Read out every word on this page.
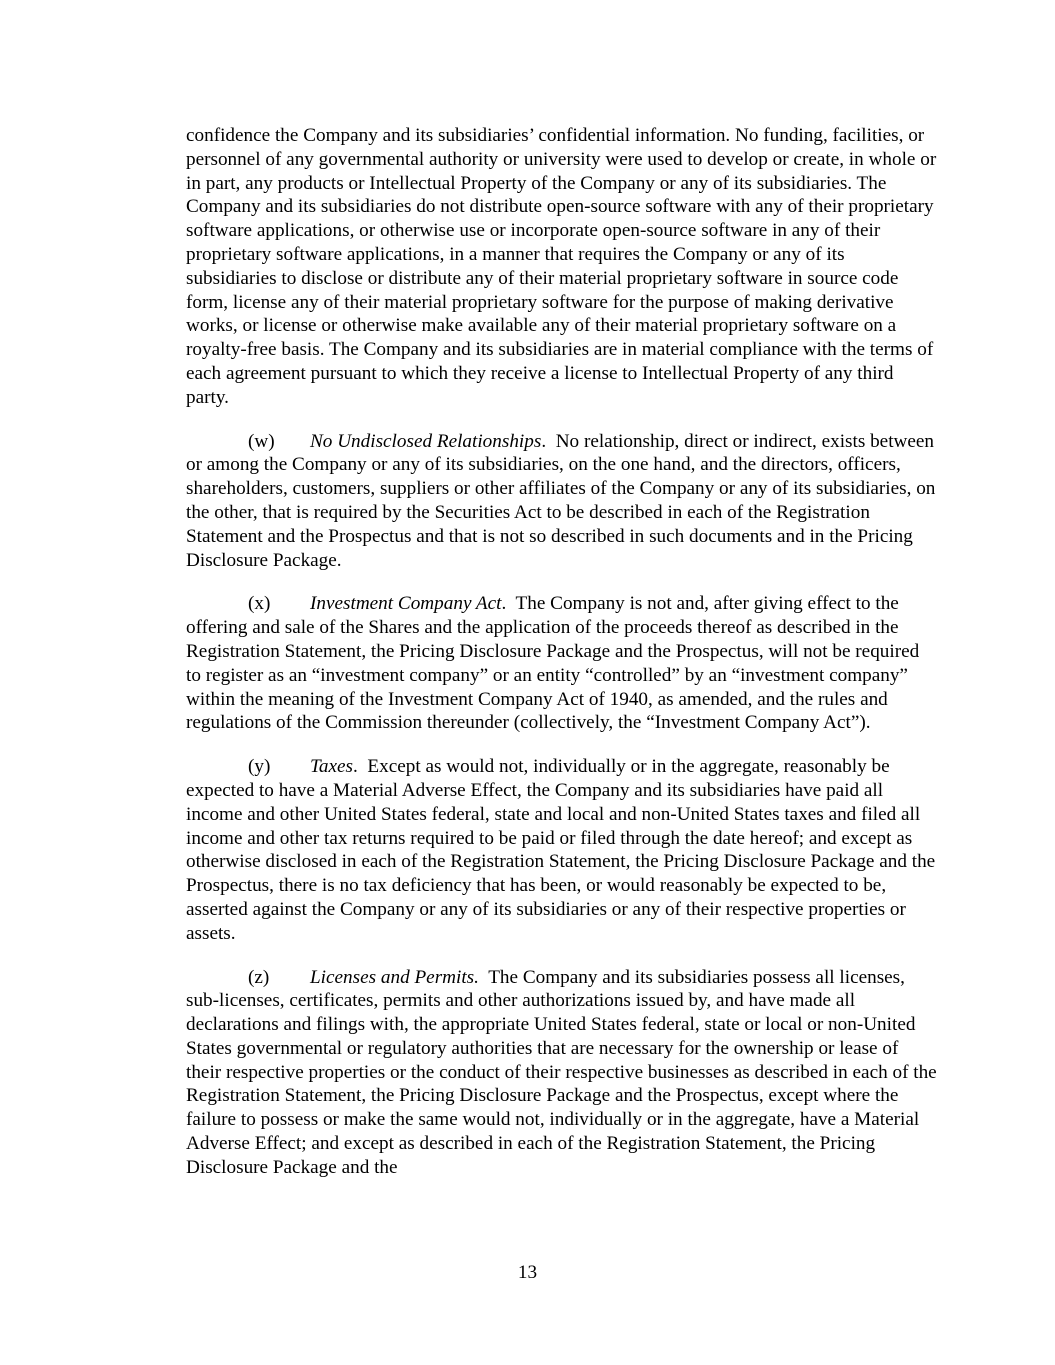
confidence the Company and its subsidiaries’ confidential information. No funding, facilities, or personnel of any governmental authority or university were used to develop or create, in whole or in part, any products or Intellectual Property of the Company or any of its subsidiaries. The Company and its subsidiaries do not distribute open-source software with any of their proprietary software applications, or otherwise use or incorporate open-source software in any of their proprietary software applications, in a manner that requires the Company or any of its subsidiaries to disclose or distribute any of their material proprietary software in source code form, license any of their material proprietary software for the purpose of making derivative works, or license or otherwise make available any of their material proprietary software on a royalty-free basis. The Company and its subsidiaries are in material compliance with the terms of each agreement pursuant to which they receive a license to Intellectual Property of any third party.

(w) No Undisclosed Relationships.  No relationship, direct or indirect, exists between or among the Company or any of its subsidiaries, on the one hand, and the directors, officers, shareholders, customers, suppliers or other affiliates of the Company or any of its subsidiaries, on the other, that is required by the Securities Act to be described in each of the Registration Statement and the Prospectus and that is not so described in such documents and in the Pricing Disclosure Package.

(x) Investment Company Act.  The Company is not and, after giving effect to the offering and sale of the Shares and the application of the proceeds thereof as described in the Registration Statement, the Pricing Disclosure Package and the Prospectus, will not be required to register as an “investment company” or an entity “controlled” by an “investment company” within the meaning of the Investment Company Act of 1940, as amended, and the rules and regulations of the Commission thereunder (collectively, the “Investment Company Act”).

(y) Taxes.  Except as would not, individually or in the aggregate, reasonably be expected to have a Material Adverse Effect, the Company and its subsidiaries have paid all income and other United States federal, state and local and non-United States taxes and filed all income and other tax returns required to be paid or filed through the date hereof; and except as otherwise disclosed in each of the Registration Statement, the Pricing Disclosure Package and the Prospectus, there is no tax deficiency that has been, or would reasonably be expected to be, asserted against the Company or any of its subsidiaries or any of their respective properties or assets.

(z) Licenses and Permits.  The Company and its subsidiaries possess all licenses, sub-licenses, certificates, permits and other authorizations issued by, and have made all declarations and filings with, the appropriate United States federal, state or local or non-United States governmental or regulatory authorities that are necessary for the ownership or lease of their respective properties or the conduct of their respective businesses as described in each of the Registration Statement, the Pricing Disclosure Package and the Prospectus, except where the failure to possess or make the same would not, individually or in the aggregate, have a Material Adverse Effect; and except as described in each of the Registration Statement, the Pricing Disclosure Package and the

13
